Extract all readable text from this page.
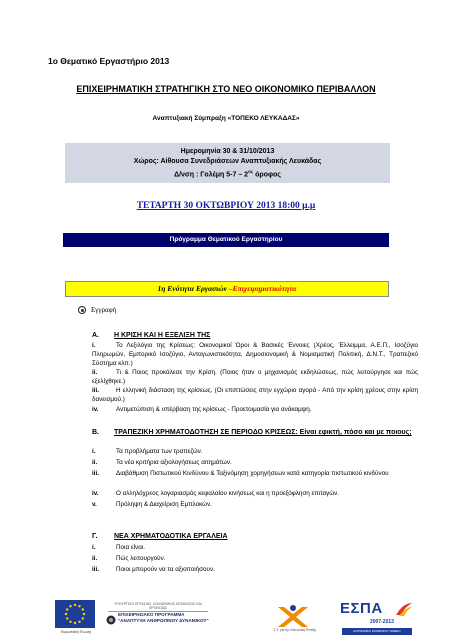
1ο Θεματικό Εργαστήριο 2013
ΕΠΙΧΕΙΡΗΜΑΤΙΚΗ ΣΤΡΑΤΗΓΙΚΗ ΣΤΟ ΝΕΟ ΟΙΚΟΝΟΜΙΚΟ ΠΕΡΙΒΑΛΛΟΝ
Αναπτυξιακή Σύμπραξη «ΤΟΠΕΚΟ ΛΕΥΚΑΔΑΣ»
Ημερομηνία 30 & 31/10/2013
Χώρος: Αίθουσα Συνεδριάσεων Αναπτυξιακής Λευκάδας
Δ/νση : Γολέμη $5-7 - 2^{o\varsigma}$ όροφος
ΤΕΤΑΡΤΗ 30 ΟΚΤΩΒΡΙΟΥ 2013 18:00 μ.μ
Πρόγραμμα Θεματικού Εργαστηρίου
1η Ενότητα Εργασιών –Επιχειρηματικότητα
Εγγραφή
Α. Η ΚΡΙΣΗ ΚΑΙ Η ΕΞΕΛΙΞΗ ΤΗΣ
i.	Το Λεξιλόγιο της Κρίσεως: Οικονομικοί Όροι & Βασικές Έννοιες (Χρέος, Έλλειμμα, Α.Ε.Π., Ισοζύγιο Πληρωμών, Εμπορικό Ισοζύγιο, Ανταγωνιστικότητα, Δημοσιονομική & Νομισματική Πολιτική, Δ.Ν.Τ., Τραπεζικό Σύστημα κλπ.)
ii.	Τι & Ποιος προκάλεσε την Κρίση. (Ποιος ήταν ο μηχανισμός εκδηλώσεως, πώς λειτούργησε και πώς εξελίχθηκε.)
iii.	Η ελληνική διάσταση της κρίσεως. (Οι επιπτώσεις στην εγχώριο αγορά - Από την κρίση χρέους στην κρίση δανεισμού.)
iv.	Αντιμετώπιση & υπέρβαση της κρίσεως - Προετοιμασία για ανάκαμψη.
Β. ΤΡΑΠΕΖΙΚΗ ΧΡΗΜΑΤΟΔΟΤΗΣΗ ΣΕ ΠΕΡΙΟΔΟ ΚΡΙΣΕΩΣ: Είναι εφικτή, πόσο και με ποιους;
i.	Τα προβλήματα των τραπεζών.
ii.	Τα νέα κριτήρια αξιολογήσεως αιτημάτων.
iii.	Διαβάθμιση Πιστωτικού Κινδύνου & Ταξινόμηση χορηγήσεων κατά κατηγορία πιστωτικού κινδύνου
iv.	Ο αλληλόχρεος λογαριασμός κεφαλαίου κινήσεως και η προεξόφληση επιταγών.
v.	Πρόληψη & Διαχείριση Εμπλοκών.
Γ. ΝΕΑ ΧΡΗΜΑΤΟΔΟΤΙΚΑ ΕΡΓΑΛΕΙΑ
i.	Ποια είναι.
ii.	Πώς λειτουργούν.
iii.	Ποιοι μπορούν να τα αξιοποιήσουν.
Ευρωπαϊκή Ένωση
ΥΠΟΥΡΓΕΙΟ ΕΡΓΑΣΙΑΣ, ΚΟΙΝΩΝΙΚΗΣ ΑΣΦΑΛΙΣΗΣ ΚΑΙ ΠΡΟΝΟΙΑΣ
ΕΠΙΧΕΙΡΗΣΙΑΚΟ ΠΡΟΓΡΑΜΜΑ "ΑΝΑΠΤΥΞΗ ΑΝΘΡΩΠΙΝΟΥ ΔΥΝΑΜΙΚΟΥ"
Σ.Υ. για την Κοινωνική Ένταξη
ΕΣΠΑ
2007-2013
ΕΥΡΩΠΑΪΚΟ ΚΟΙΝΩΝΙΚΟ ΤΑΜΕΙΟ
